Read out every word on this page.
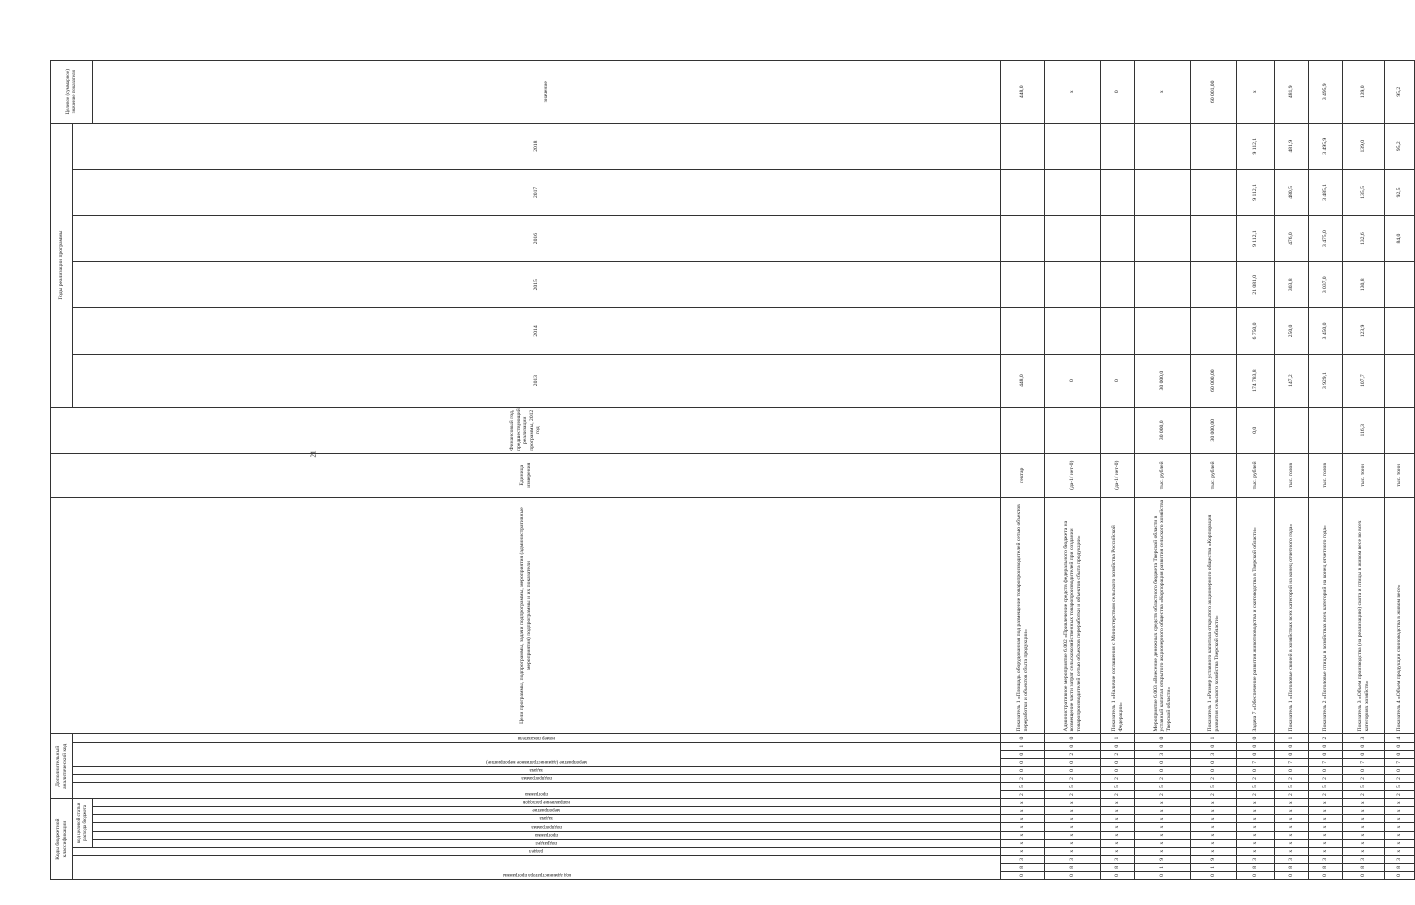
21
Коды бюджетной классификации										Дополнительный аналитический код								Цели программы, подпрограммы, задачи подпрограммы, мероприятия (административные мероприятия) подпрограммы и их показатели	Единица измерения	Финансовый год, предшествующий реализации программы, 2012 год	Годы реализации программы						Целевое (суммарное) значение показателя

код администратора программы			раздел	код целевой статьи расхода бюджета						программа		подпрограмма	задача	мероприятие (административное мероприятие)			номер показателя				2013	2014	2015	2016	2017	2018	

				подраздел	программа	подпрограмма	задача	мероприятие	направление расходов																		значение
0	8	3	х	х	х	х	х	х	х	2	5	2	0	0	0	1	0	Показатель 1 «Площадь оборудованная под размещение товаропроизводителей сетью объектов переработки и объектов сбыта продукции»	гектар		448,0						448,0
0	8	3	х	х	х	х	х	х	х	2	5	2	0	0	2	0	0	Административное мероприятие 6.002 «Привлечение средств федерального бюджета на возмещение части затрат сельскохозяйственных товаропроизводителей при создании товаропроизводителей сетью объектов переработки и объектов сбыта продукции»	(да-1/ нет-0)		0						х
0	8	3	х	х	х	х	х	х	х	2	5	2	0	0	2	0	1	Показатель 1 «Наличие соглашения с Министерством сельского хозяйства Российской Федерации»	(да-1/ нет-0)		0						0
0	1	9	х	х	х	х	х	х	х	2	5	2	0	0	3	0	0	Мероприятие 6.003 «Внесение денежных средств областного бюджета Тверской области в уставный капитал открытого акционерного общества «Корпорация развития сельского хозяйства Тверской области»	тыс. рублей	30 000,0	30 000,0						х
0	1	9	х	х	х	х	х	х	х	2	5	2	0	0	3	0	1	Показатель 1 «Размер уставного капитала открытого акционерного общества «Корпорация развития сельского хозяйства Тверской области»	тыс. рублей	30 000,00	60 000,00						60 001,00
0	8	3	х	х	х	х	х	х	х	2	5	2	0	7	0	0	0	Задача 7 «Обеспечение развития животноводства и скотоводства в Тверской области»	тыс. рублей	0,0	174 783,8	6 750,0	21 081,0	9 112,1	9 112,1	9 112,1	х
0	8	3	х	х	х	х	х	х	х	2	5	2	0	7	0	0	1	Показатель 1 «Поголовье свиней в хозяйствах всех категорий на конец отчетного года»	тыс. голов		147,2	250,0	303,8	476,0	480,5	481,9	481,9
0	8	3	х	х	х	х	х	х	х	2	5	2	0	7	0	0	2	Показатель 2 «Поголовье птицы в хозяйствах всех категорий на конец отчетного года»	тыс. голов		3 929,1	3 450,0	3 037,0	3 475,0	3 485,1	3 495,9	3 495,9
0	8	3	х	х	х	х	х	х	х	2	5	2	0	7	0	0	3	Показатель 3 «Объем производства (на реализацию) скота и птицы в живом весе во всех категориях хозяйств»	тыс. тонн	116,3	107,7	123,9	130,8	132,6	135,5	139,0	139,0
0	8	3	х	х	х	х	х	х	х	2	5	2	0	7	0	0	4	Показатель 4 «Объем продукции свиноводства в живом весе»	тыс. тонн					84,0	92,5	95,2	95,2
